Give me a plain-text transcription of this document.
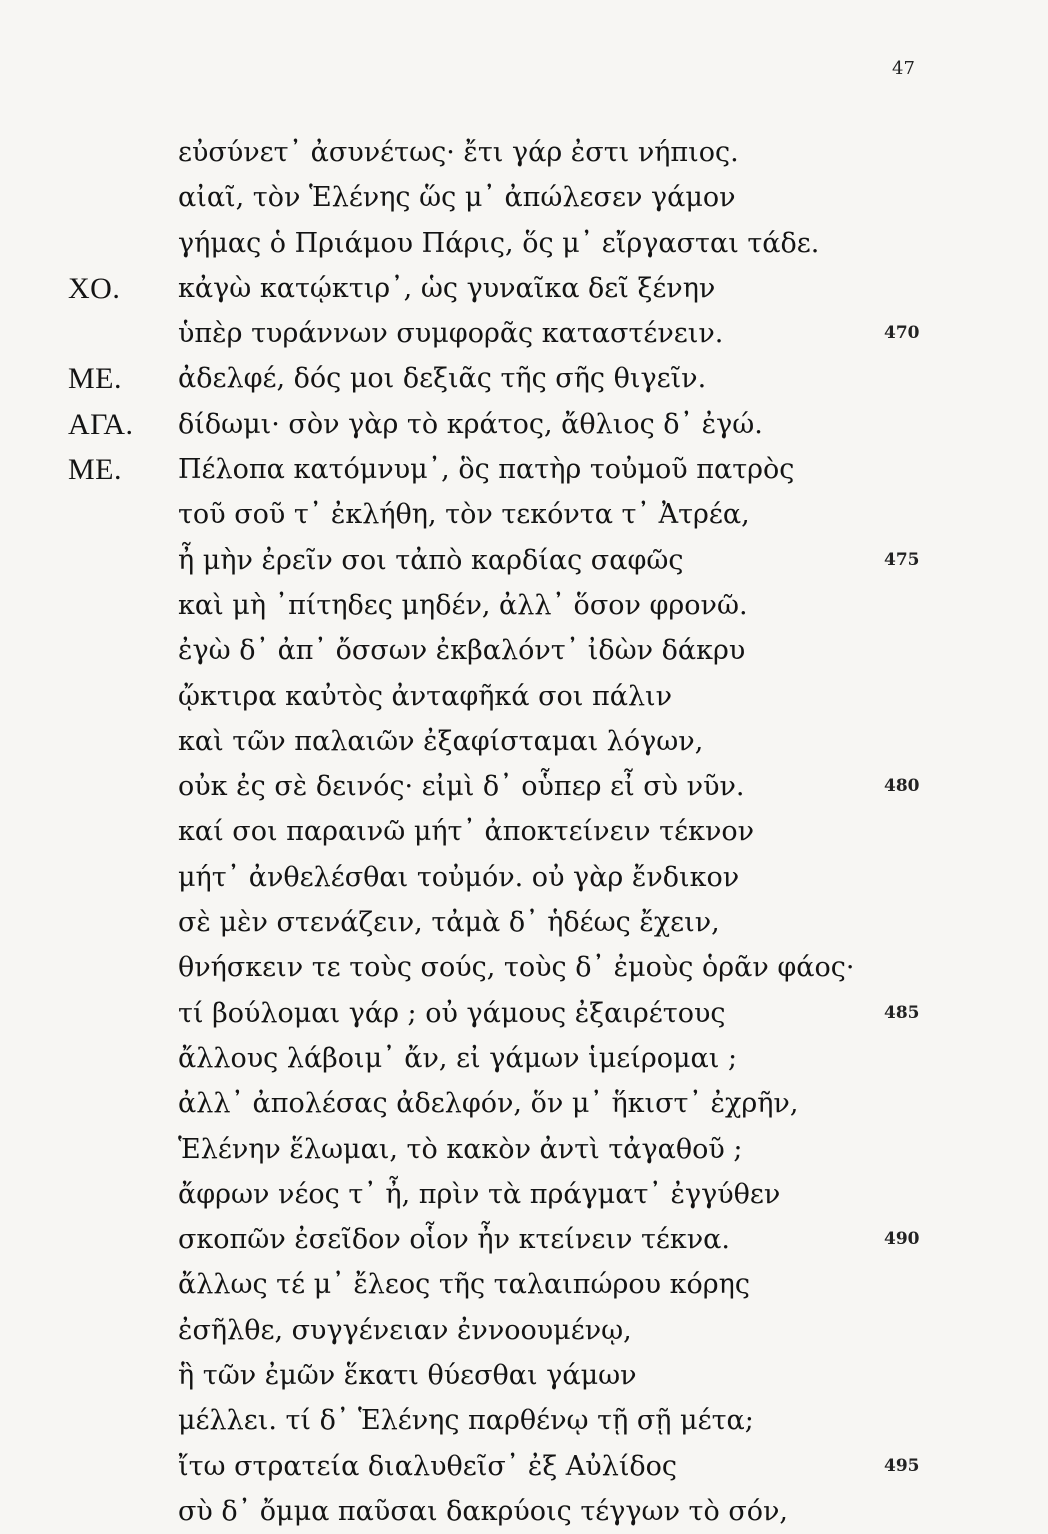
47
εὐσύνετ᾽ ἀσυνέτως· ἔτι γάρ ἐστι νήπιος.
αἰαῖ, τὸν Ἑλένης ὥς μ᾽ ἀπώλεσεν γάμον
γήμας ὁ Πριάμου Πάρις, ὅς μ᾽ εἴργασται τάδε.
ΧΟ. κἀγὼ κατῴκτιρ᾽, ὡς γυναῖκα δεῖ ξένην
ὑπὲρ τυράννων συμφορᾶς καταστένειν.	470
ΜΕ. ἀδελφέ, δός μοι δεξιᾶς τῆς σῆς θιγεῖν.
ΑΓΑ. δίδωμι· σὸν γὰρ τὸ κράτος, ἄθλιος δ᾽ ἐγώ.
ΜΕ. Πέλοπα κατόμνυμ᾽, ὃς πατὴρ τοὐμοῦ πατρὸς
τοῦ σοῦ τ᾽ ἐκλήθη, τὸν τεκόντα τ᾽ Ἀτρέα,
ἦ μὴν ἐρεῖν σοι τἀπὸ καρδίας σαφῶς	475
καὶ μὴ ᾽πίτηδες μηδέν, ἀλλ᾽ ὅσον φρονῶ.
ἐγὼ δ᾽ ἀπ᾽ ὄσσων ἐκβαλόντ᾽ ἰδὼν δάκρυ
ᾤκτιρα καὐτὸς ἀνταφῆκά σοι πάλιν
καὶ τῶν παλαιῶν ἐξαφίσταμαι λόγων,
οὐκ ἐς σὲ δεινός· εἰμὶ δ᾽ οὗπερ εἶ σὺ νῦν.	480
καί σοι παραινῶ μήτ᾽ ἀποκτείνειν τέκνον
μήτ᾽ ἀνθελέσθαι τοὐμόν. οὐ γὰρ ἔνδικον
σὲ μὲν στενάζειν, τἀμὰ δ᾽ ἡδέως ἔχειν,
θνήσκειν τε τοὺς σούς, τοὺς δ᾽ ἐμοὺς ὁρᾶν φάος·
τί βούλομαι γάρ ; οὐ γάμους ἐξαιρέτους	485
ἄλλους λάβοιμ᾽ ἄν, εἰ γάμων ἱμείρομαι ;
ἀλλ᾽ ἀπολέσας ἀδελφόν, ὅν μ᾽ ἥκιστ᾽ ἐχρῆν,
Ἑλένην ἕλωμαι, τὸ κακὸν ἀντὶ τἀγαθοῦ ;
ἄφρων νέος τ᾽ ἦ, πρὶν τὰ πράγματ᾽ ἐγγύθεν
σκοπῶν ἐσεῖδον οἷον ἦν κτείνειν τέκνα.	490
ἄλλως τέ μ᾽ ἔλεος τῆς ταλαιπώρου κόρης
ἐσῆλθε, συγγένειαν ἐννοουμένῳ,
ἣ τῶν ἐμῶν ἕκατι θύεσθαι γάμων
μέλλει. τί δ᾽ Ἑλένης παρθένῳ τῇ σῇ μέτα;
ἴτω στρατεία διαλυθεῖσ᾽ ἐξ Αὐλίδος	495
σὺ δ᾽ ὄμμα παῦσαι δακρύοις τέγγων τὸ σόν,
